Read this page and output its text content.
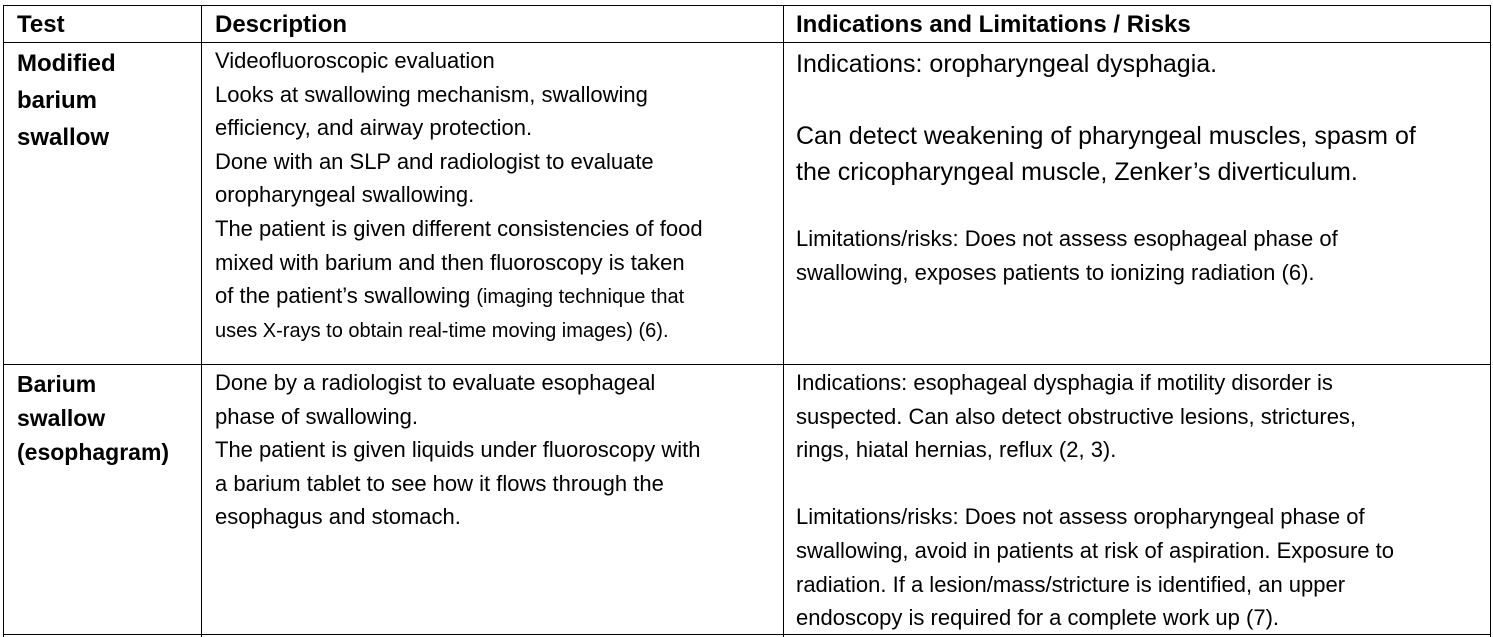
Test	Description	Indications and Limitations / Risks

Modified

barium

swallow

Videofluoroscopic evaluation

Looks at swallowing mechanism, swallowing

efficiency, and airway protection.

Done with an SLP and radiologist to evaluate

oropharyngeal swallowing.

The patient is given different consistencies of food

mixed with barium and then fluoroscopy is taken

of the patient’s swallowing (imaging technique that

uses X-rays to obtain real-time moving images) (6).

Indications: oropharyngeal dysphagia.

Can detect weakening of pharyngeal muscles, spasm of

the cricopharyngeal muscle, Zenker’s diverticulum.

Limitations/risks: Does not assess esophageal phase of

swallowing, exposes patients to ionizing radiation (6).

Barium

swallow

(esophagram)

Done by a radiologist to evaluate esophageal

phase of swallowing.

The patient is given liquids under fluoroscopy with

a barium tablet to see how it flows through the

esophagus and stomach.

Indications: esophageal dysphagia if motility disorder is

suspected. Can also detect obstructive lesions, strictures,

rings, hiatal hernias, reflux (2, 3).

Limitations/risks: Does not assess oropharyngeal phase of

swallowing, avoid in patients at risk of aspiration. Exposure to

radiation. If a lesion/mass/stricture is identified, an upper

endoscopy is required for a complete work up (7).
